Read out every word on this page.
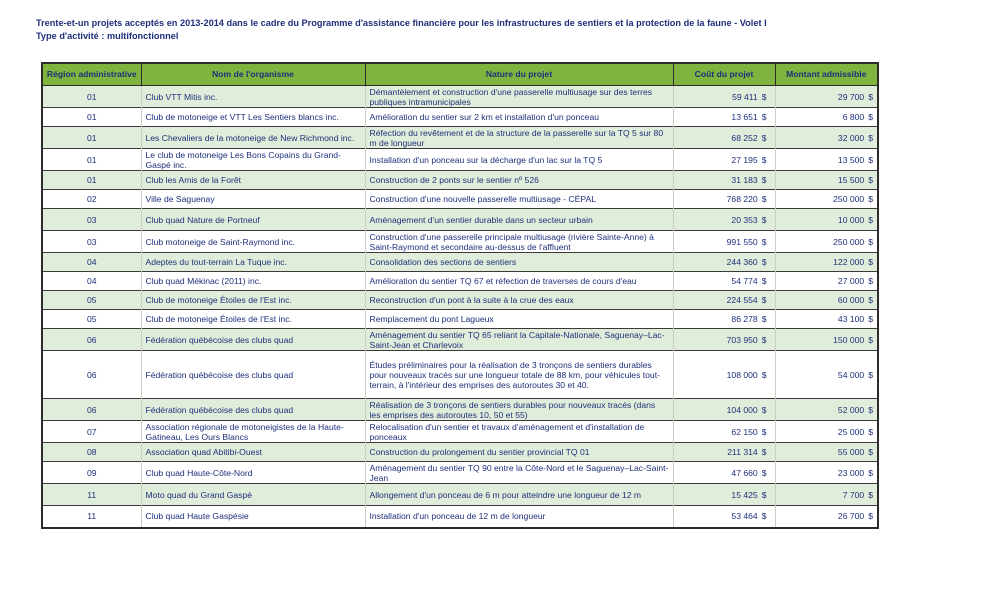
Trente-et-un projets acceptés en 2013-2014 dans le cadre du Programme d'assistance financière pour les infrastructures de sentiers et la protection de la faune - Volet I
Type d'activité : multifonctionnel
Région administrative	Nom de l'organisme	Nature du projet	Coût du projet	Montant admissible
01	Club VTT Mitis inc.	Démantèlement et construction d'une passerelle multiusage sur des terres publiques intramunicipales	59 411 $	29 700 $
01	Club de motoneige et VTT Les Sentiers blancs inc.	Amélioration du sentier sur 2 km et installation d'un ponceau	13 651 $	6 800 $
01	Les Chevaliers de la motoneige de New Richmond inc.	Réfection du revêtement et de la structure de la passerelle sur la TQ 5 sur 80 m de longueur	68 252 $	32 000 $
01	Le club de motoneige Les Bons Copains du Grand-Gaspé inc.	Installation d'un ponceau sur la décharge d'un lac sur la TQ 5	27 195 $	13 500 $
01	Club les Amis de la Forêt	Construction de 2 ponts sur le sentier nº 526	31 183 $	15 500 $
02	Ville de Saguenay	Construction d'une nouvelle passerelle multiusage - CÉPAL	768 220 $	250 000 $
03	Club quad Nature de Portneuf	Aménagement d'un sentier durable dans un secteur urbain	20 353 $	10 000 $
03	Club motoneige de Saint-Raymond inc.	Construction d'une passerelle principale multiusage (rivière Sainte-Anne) à Saint-Raymond et secondaire au-dessus de l'affluent	991 550 $	250 000 $
04	Adeptes du tout-terrain La Tuque inc.	Consolidation des sections de sentiers	244 360 $	122 000 $
04	Club quad Mékinac (2011) inc.	Amélioration du sentier TQ 67 et réfection de traverses de cours d'eau	54 774 $	27 000 $
05	Club de motoneige Étoiles de l'Est inc.	Reconstruction d'un pont à la suite à la crue des eaux	224 554 $	60 000 $
05	Club de motoneige Étoiles de l'Est inc.	Remplacement du pont Lagueux	86 278 $	43 100 $
06	Fédération québécoise des clubs quad	Aménagement du sentier TQ 65 reliant la Capitale-Nationale, Saguenay–Lac-Saint-Jean et Charlevoix	703 950 $	150 000 $
06	Fédération québécoise des clubs quad	Études préliminaires pour la réalisation de 3 tronçons de sentiers durables pour nouveaux tracés sur une longueur totale de 88 km, pour véhicules tout-terrain, à l'intérieur des emprises des autoroutes 30 et 40.	108 000 $	54 000 $
06	Fédération québécoise des clubs quad	Réalisation de 3 tronçons de sentiers durables pour nouveaux tracés (dans les emprises des autoroutes 10, 50 et 55)	104 000 $	52 000 $
07	Association régionale de motoneigistes de la Haute-Gatineau, Les Ours Blancs	Relocalisation d'un sentier et travaux d'aménagement et d'installation de ponceaux	62 150 $	25 000 $
08	Association quad Abitibi-Ouest	Construction du prolongement du sentier provincial TQ 01	211 314 $	55 000 $
09	Club quad Haute-Côte-Nord	Aménagement du sentier TQ 90 entre la Côte-Nord et le Saguenay–Lac-Saint-Jean	47 660 $	23 000 $
11	Moto quad du Grand Gaspé	Allongement d'un ponceau de 6 m pour atteindre une longueur de 12 m	15 425 $	7 700 $
11	Club quad Haute Gaspésie	Installation d'un ponceau de 12 m de longueur	53 464 $	26 700 $
